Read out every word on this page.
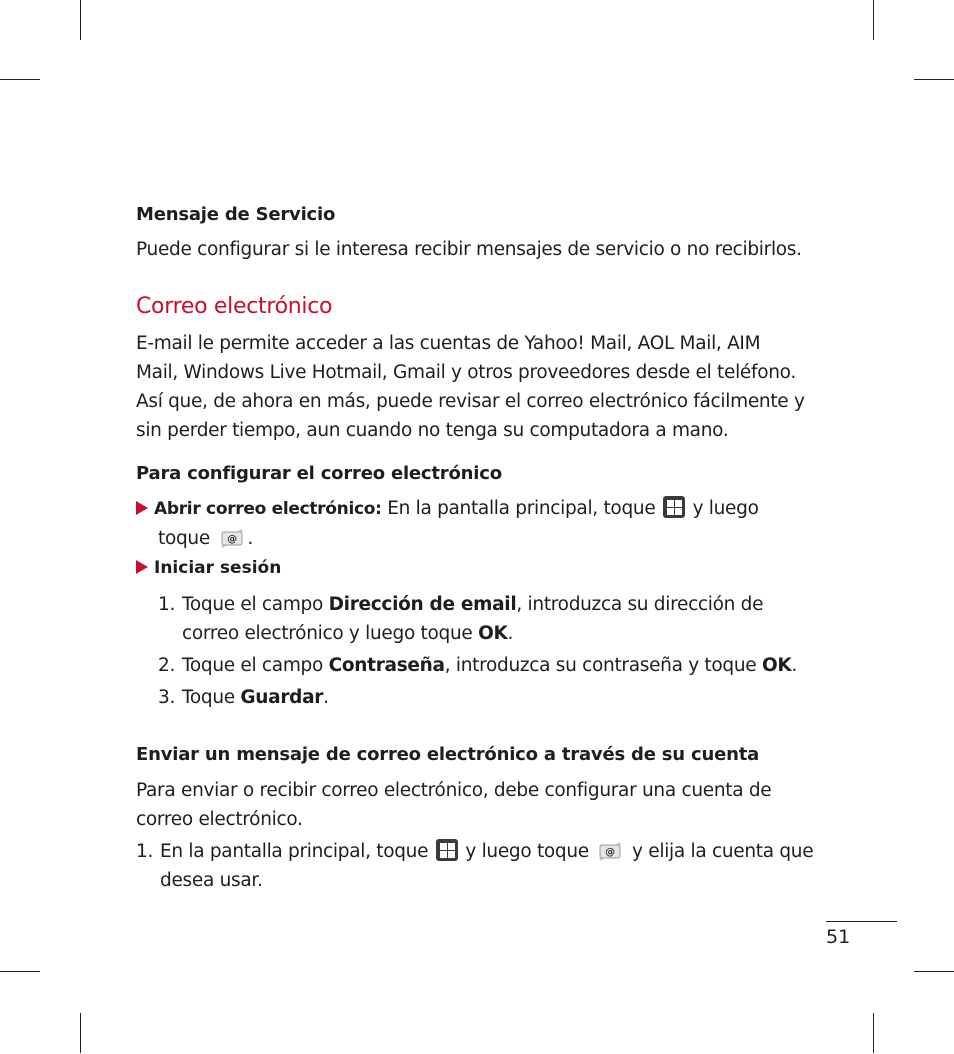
Mensaje de Servicio
Puede configurar si le interesa recibir mensajes de servicio o no recibirlos.
Correo electrónico
E-mail le permite acceder a las cuentas de Yahoo! Mail, AOL Mail, AIM
Mail, Windows Live Hotmail, Gmail y otros proveedores desde el teléfono.
Así que, de ahora en más, puede revisar el correo electrónico fácilmente y
sin perder tiempo, aun cuando no tenga su computadora a mano.
Para configurar el correo electrónico
Abrir correo electrónico: En la pantalla principal, toque
y luego
toque @ .
Iniciar sesión
1. Toque el campo Dirección de email, introduzca su dirección de
correo electrónico y luego toque OK.
2. Toque el campo Contraseña, introduzca su contraseña y toque OK.
3. Toque Guardar.
Enviar un mensaje de correo electrónico a través de su cuenta
Para enviar o recibir correo electrónico, debe configurar una cuenta de
correo electrónico.
1. En la pantalla principal, toque
y luego toque @ y elija la cuenta que
desea usar.
51
